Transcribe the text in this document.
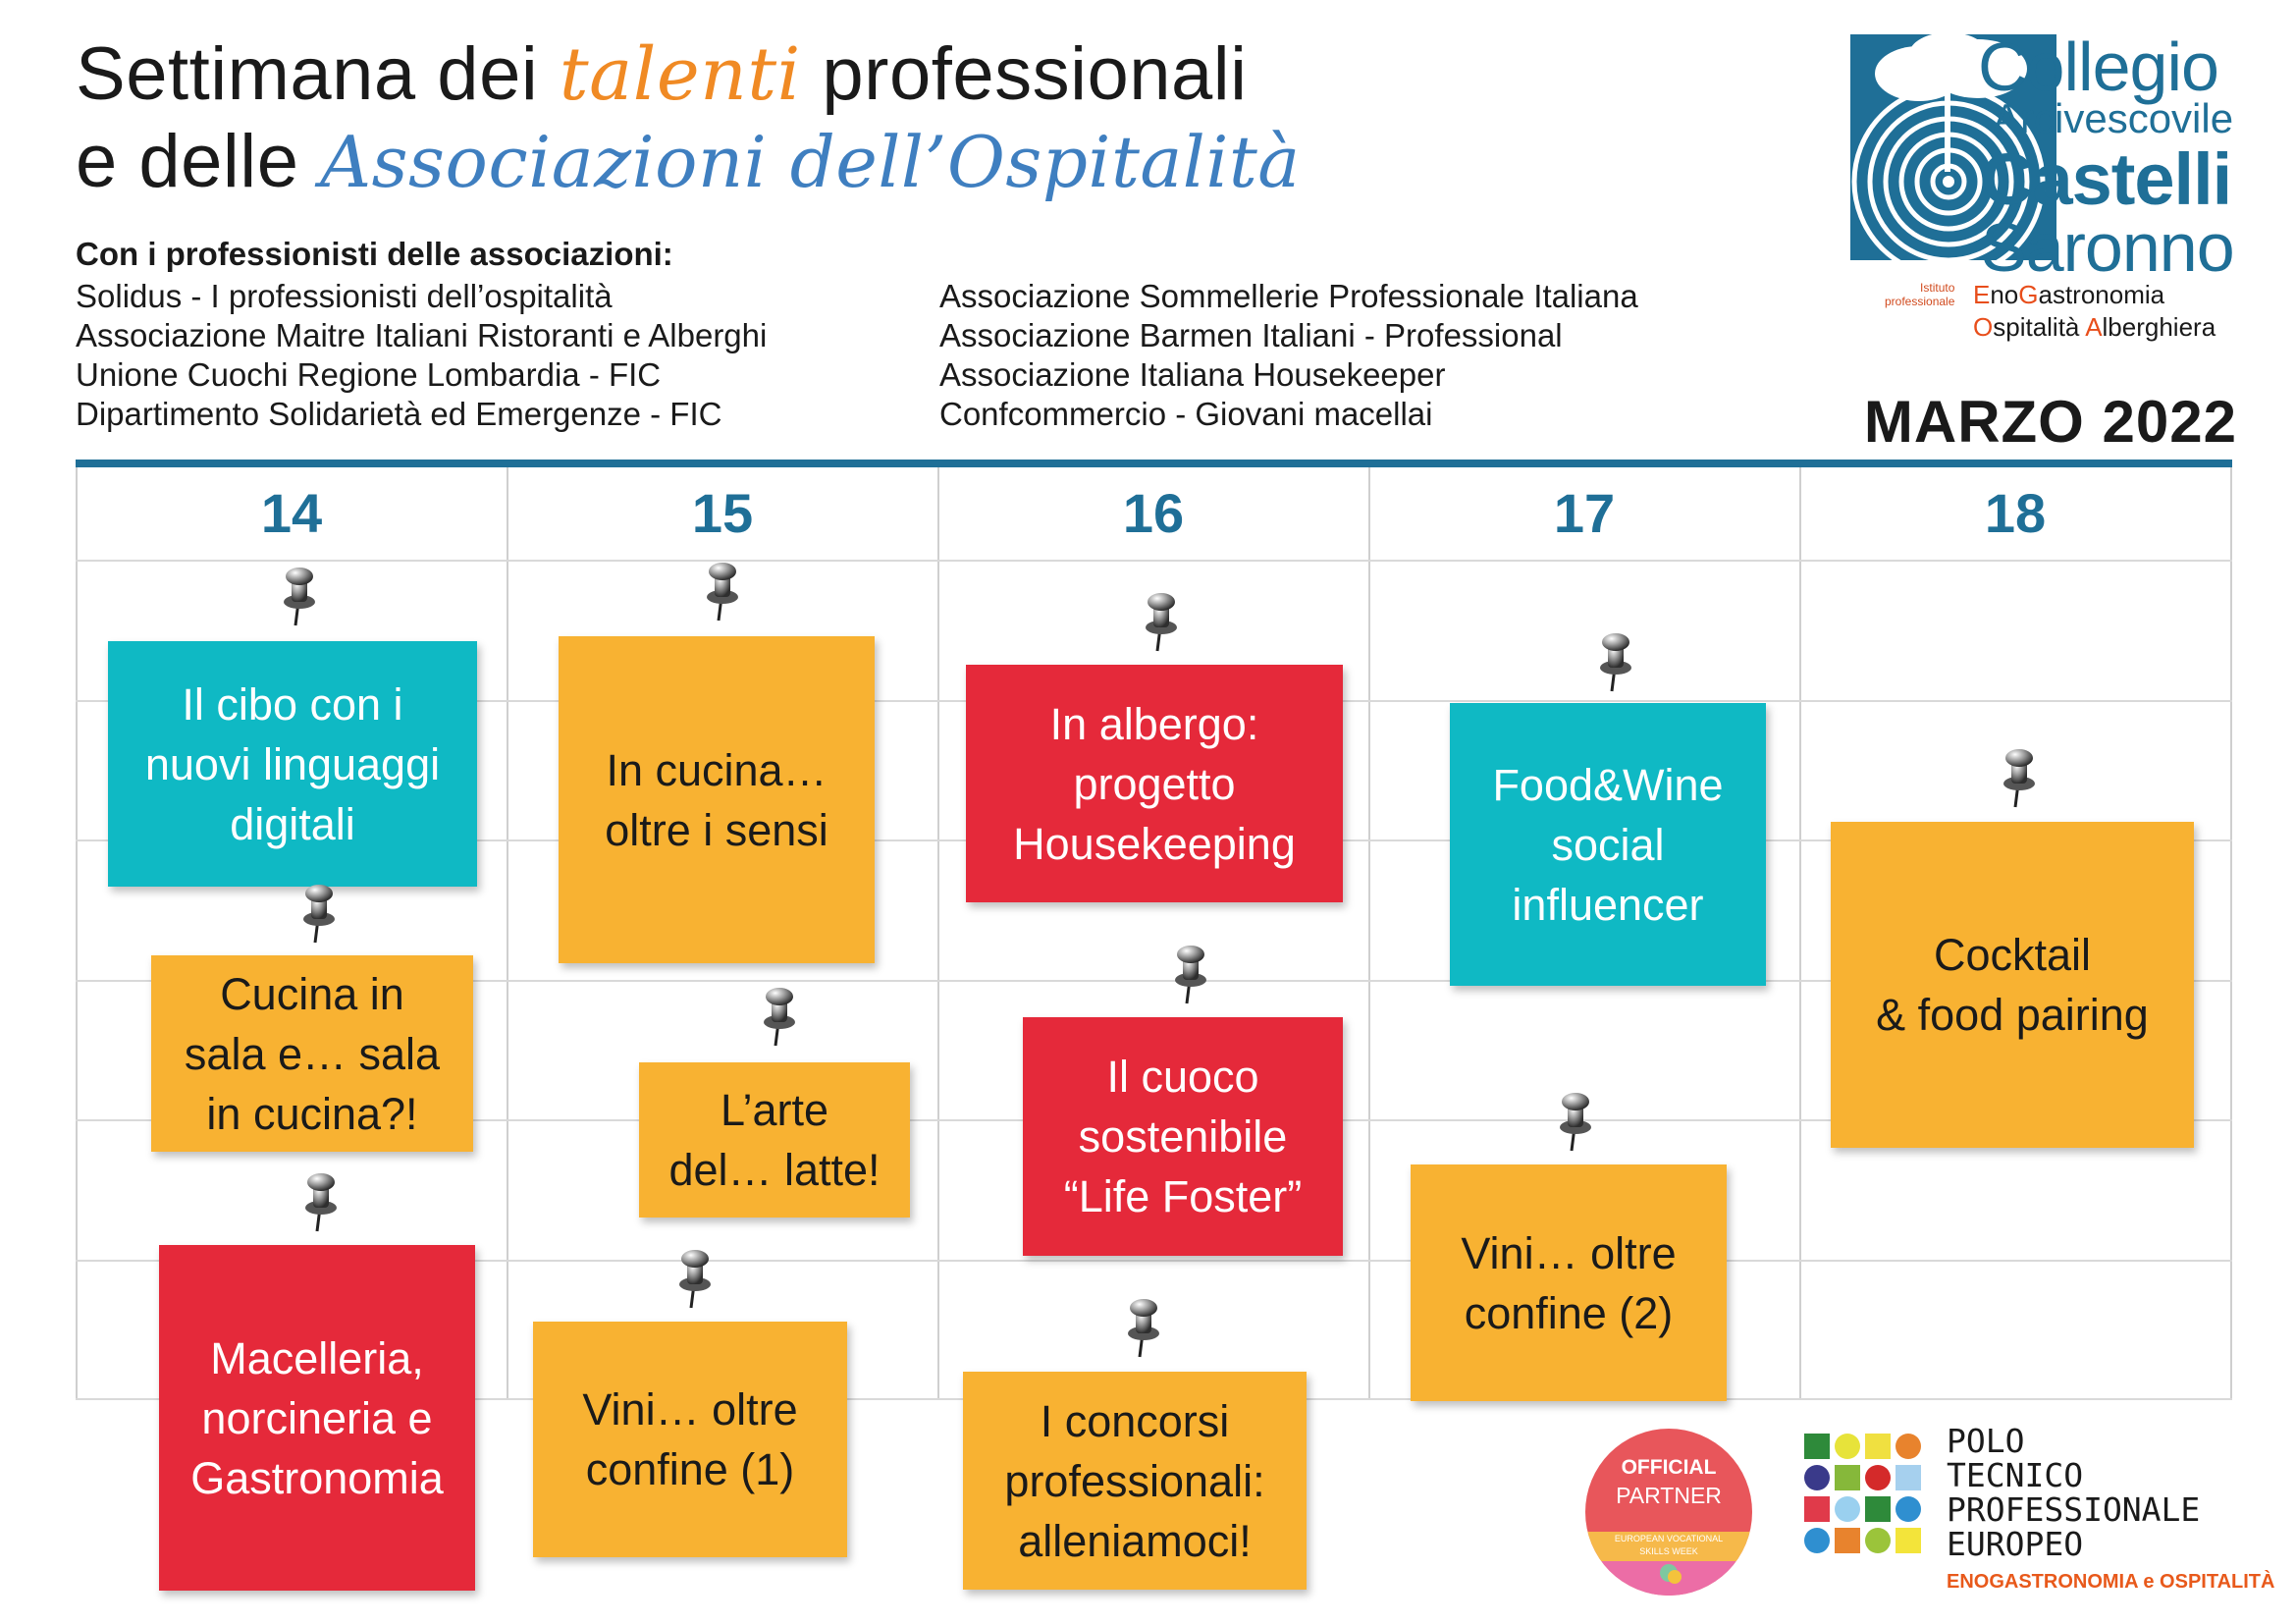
Settimana dei talenti professionali
e delle Associazioni dell’Ospitalità
Con i professionisti delle associazioni:
Solidus - I professionisti dell’ospitalità
Associazione Maitre Italiani Ristoranti e Alberghi
Unione Cuochi Regione Lombardia - FIC
Dipartimento Solidarietà ed Emergenze - FIC
Associazione Sommellerie Professionale Italiana
Associazione Barmen Italiani - Professional
Associazione Italiana Housekeeper
Confcommercio - Giovani macellai
Collegio
Arcivescovile
Castelli
Saronno
Istituto
professionale EnoGastronomia
Ospitalità Alberghiera
MARZO 2022
14	15	16	17	18
Il cibo con i
nuovi linguaggi
digitali
Cucina in
sala e… sala
in cucina?!
Macelleria,
norcineria e
Gastronomia
In cucina…
oltre i sensi
L’arte
del… latte!
Vini… oltre
confine (1)
In albergo:
progetto
Housekeeping
Il cuoco
sostenibile
“Life Foster”
I concorsi
professionali:
alleniamoci!
Food&Wine
social
influencer
Vini… oltre
confine (2)
Cocktail
& food pairing
OFFICIAL
PARTNER
EUROPEAN VOCATIONAL
SKILLS WEEK
POLO
TECNICO
PROFESSIONALE
EUROPEO
ENOGASTRONOMIA e OSPITALITÀ
